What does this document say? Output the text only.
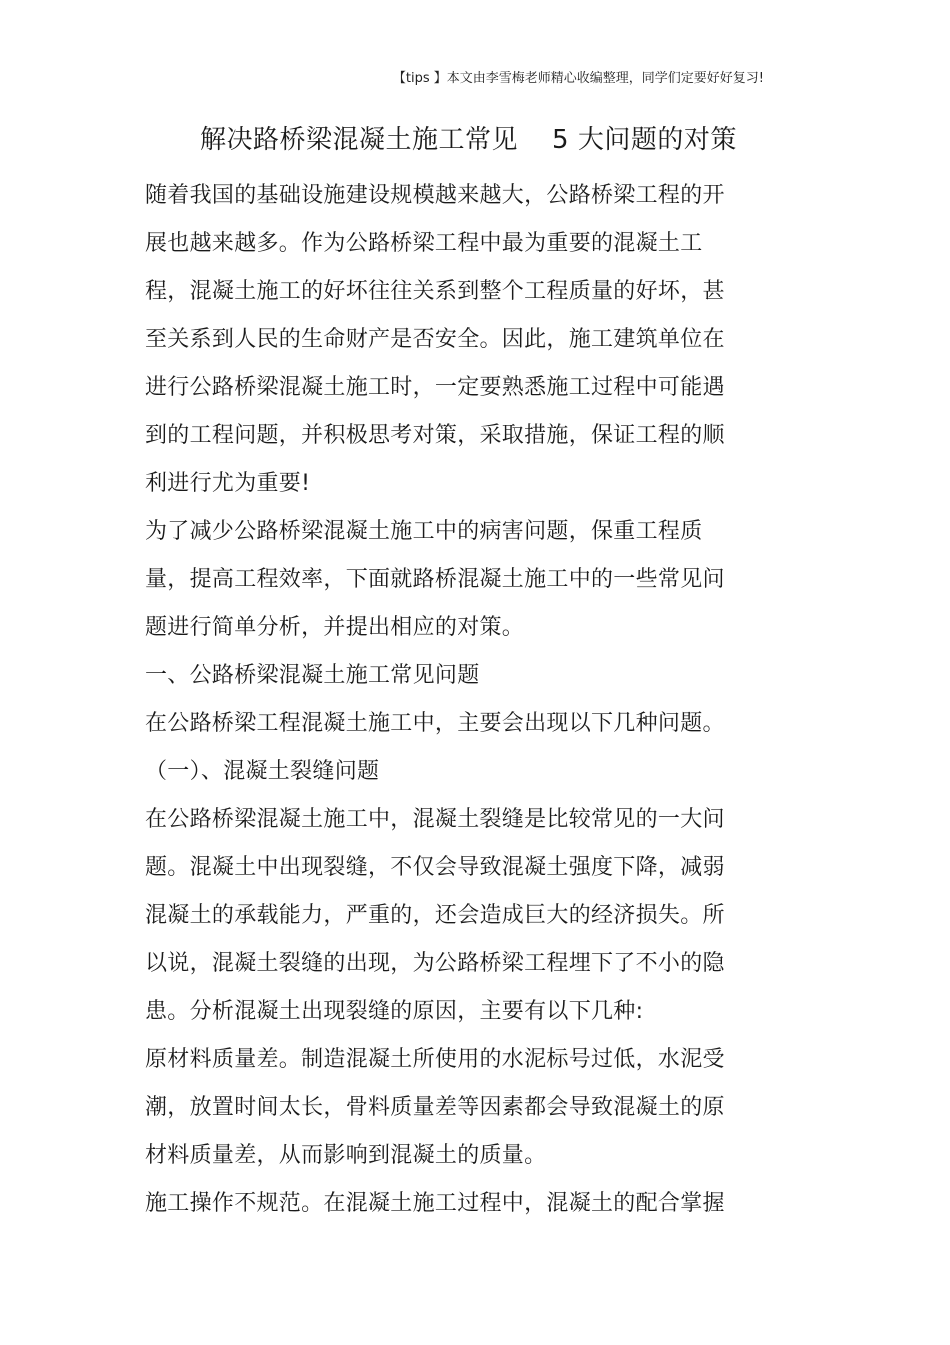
【tips 】本文由李雪梅老师精心收编整理，同学们定要好好复习!
解决路桥梁混凝土施工常见 5 大问题的对策
随着我国的基础设施建设规模越来越大，公路桥梁工程的开
展也越来越多。作为公路桥梁工程中最为重要的混凝土工
程，混凝土施工的好坏往往关系到整个工程质量的好坏，甚
至关系到人民的生命财产是否安全。因此，施工建筑单位在
进行公路桥梁混凝土施工时，一定要熟悉施工过程中可能遇
到的工程问题，并积极思考对策，采取措施，保证工程的顺
利进行尤为重要!
为了减少公路桥梁混凝土施工中的病害问题，保重工程质
量，提高工程效率，下面就路桥混凝土施工中的一些常见问
题进行简单分析，并提出相应的对策。
一、公路桥梁混凝土施工常见问题
在公路桥梁工程混凝土施工中，主要会出现以下几种问题。
（一）、混凝土裂缝问题
在公路桥梁混凝土施工中，混凝土裂缝是比较常见的一大问
题。混凝土中出现裂缝，不仅会导致混凝土强度下降，减弱
混凝土的承载能力，严重的，还会造成巨大的经济损失。所
以说，混凝土裂缝的出现，为公路桥梁工程埋下了不小的隐
患。分析混凝土出现裂缝的原因，主要有以下几种:
原材料质量差。制造混凝土所使用的水泥标号过低，水泥受
潮，放置时间太长，骨料质量差等因素都会导致混凝土的原
材料质量差，从而影响到混凝土的质量。
施工操作不规范。在混凝土施工过程中，混凝土的配合掌握
